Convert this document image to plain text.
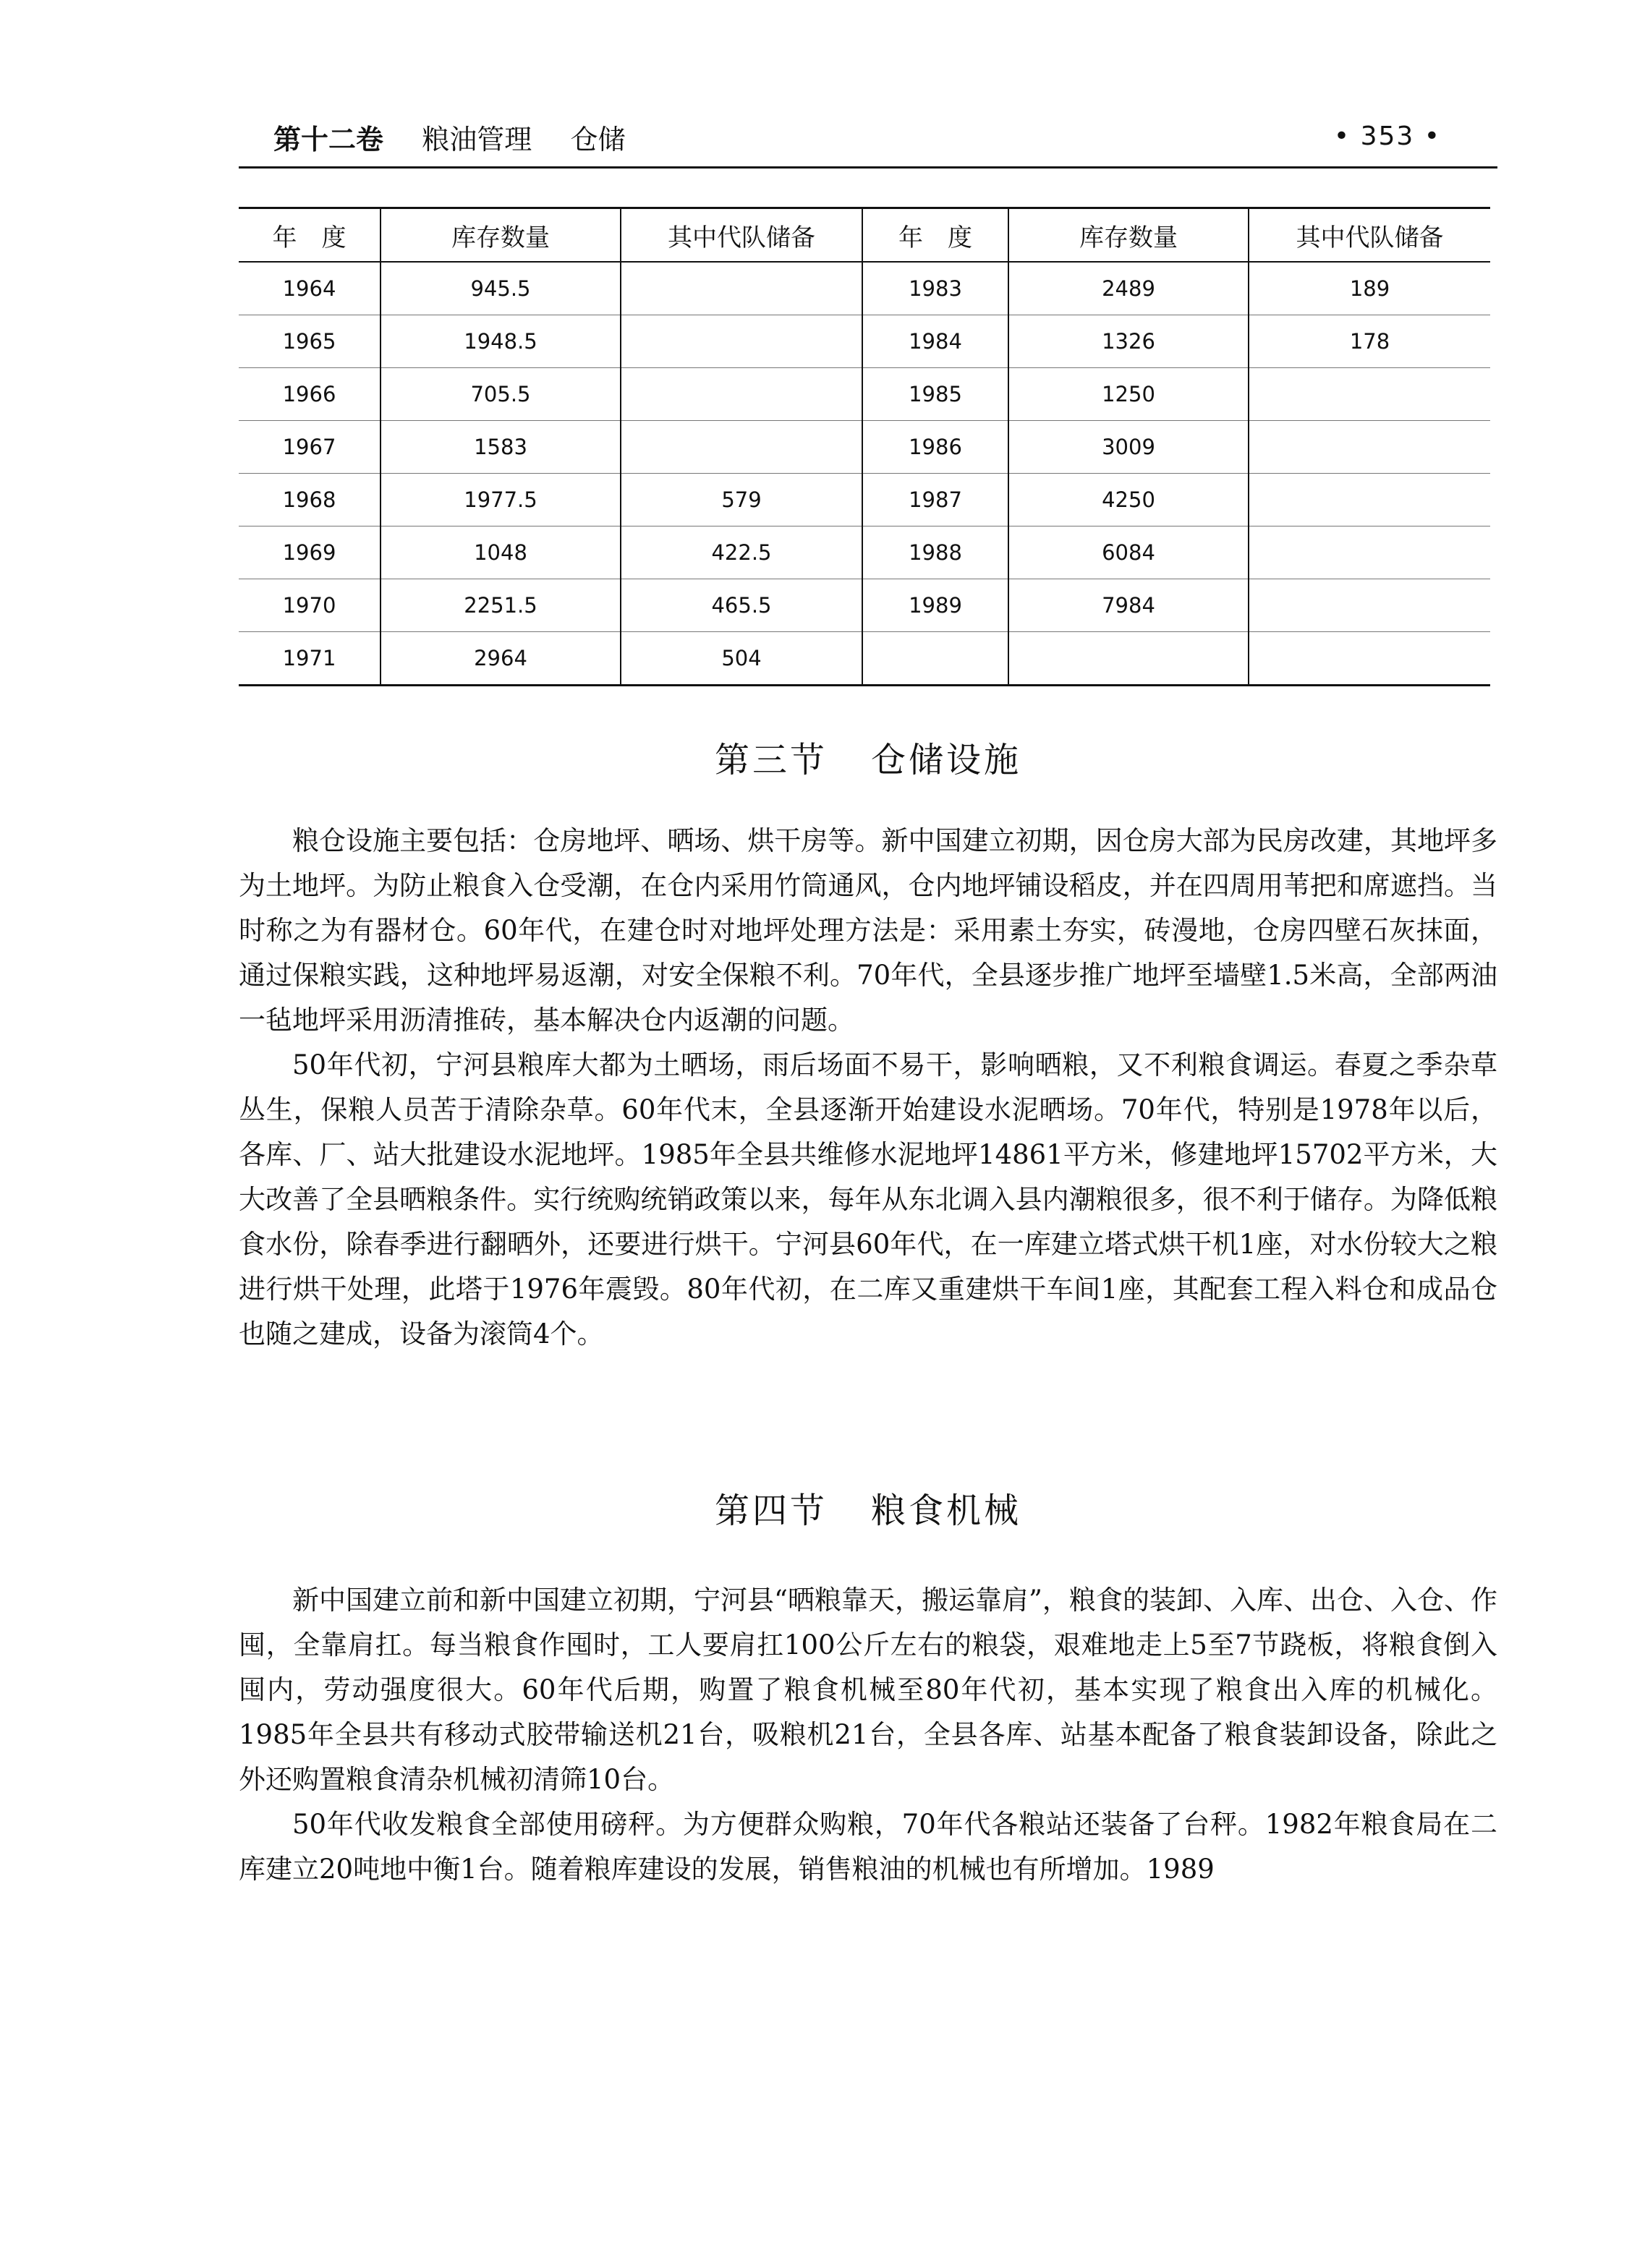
第十二卷 粮油管理 仓储	• 353 •
年　度	库存数量	其中代队储备	年　度	库存数量	其中代队储备
1964	945.5		1983	2489	189
1965	1948.5		1984	1326	178
1966	705.5		1985	1250	
1967	1583		1986	3009	
1968	1977.5	579	1987	4250	
1969	1048	422.5	1988	6084	
1970	2251.5	465.5	1989	7984	
1971	2964	504			
第三节 仓储设施

粮仓设施主要包括：仓房地坪、晒场、烘干房等。新中国建立初期，因仓房大部为民房改建，其地坪多为土地坪。为防止粮食入仓受潮，在仓内采用竹筒通风，仓内地坪铺设稻皮，并在四周用苇把和席遮挡。当时称之为有器材仓。60年代，在建仓时对地坪处理方法是：采用素土夯实，砖漫地，仓房四壁石灰抹面，通过保粮实践，这种地坪易返潮，对安全保粮不利。70年代，全县逐步推广地坪至墙壁1.5米高，全部两油一毡地坪采用沥清推砖，基本解决仓内返潮的问题。

50年代初，宁河县粮库大都为土晒场，雨后场面不易干，影响晒粮，又不利粮食调运。春夏之季杂草丛生，保粮人员苦于清除杂草。60年代末，全县逐渐开始建设水泥晒场。70年代，特别是1978年以后，各库、厂、站大批建设水泥地坪。1985年全县共维修水泥地坪14861平方米，修建地坪15702平方米，大大改善了全县晒粮条件。实行统购统销政策以来，每年从东北调入县内潮粮很多，很不利于储存。为降低粮食水份，除春季进行翻晒外，还要进行烘干。宁河县60年代，在一库建立塔式烘干机1座，对水份较大之粮进行烘干处理，此塔于1976年震毁。80年代初，在二库又重建烘干车间1座，其配套工程入料仓和成品仓也随之建成，设备为滚筒4个。

第四节 粮食机械

新中国建立前和新中国建立初期，宁河县“晒粮靠天，搬运靠肩”，粮食的装卸、入库、出仓、入仓、作囤，全靠肩扛。每当粮食作囤时，工人要肩扛100公斤左右的粮袋，艰难地走上5至7节跷板，将粮食倒入囤内，劳动强度很大。60年代后期，购置了粮食机械至80年代初，基本实现了粮食出入库的机械化。1985年全县共有移动式胶带输送机21台，吸粮机21台，全县各库、站基本配备了粮食装卸设备，除此之外还购置粮食清杂机械初清筛10台。

50年代收发粮食全部使用磅秤。为方便群众购粮，70年代各粮站还装备了台秤。1982年粮食局在二库建立20吨地中衡1台。随着粮库建设的发展，销售粮油的机械也有所增加。1989
